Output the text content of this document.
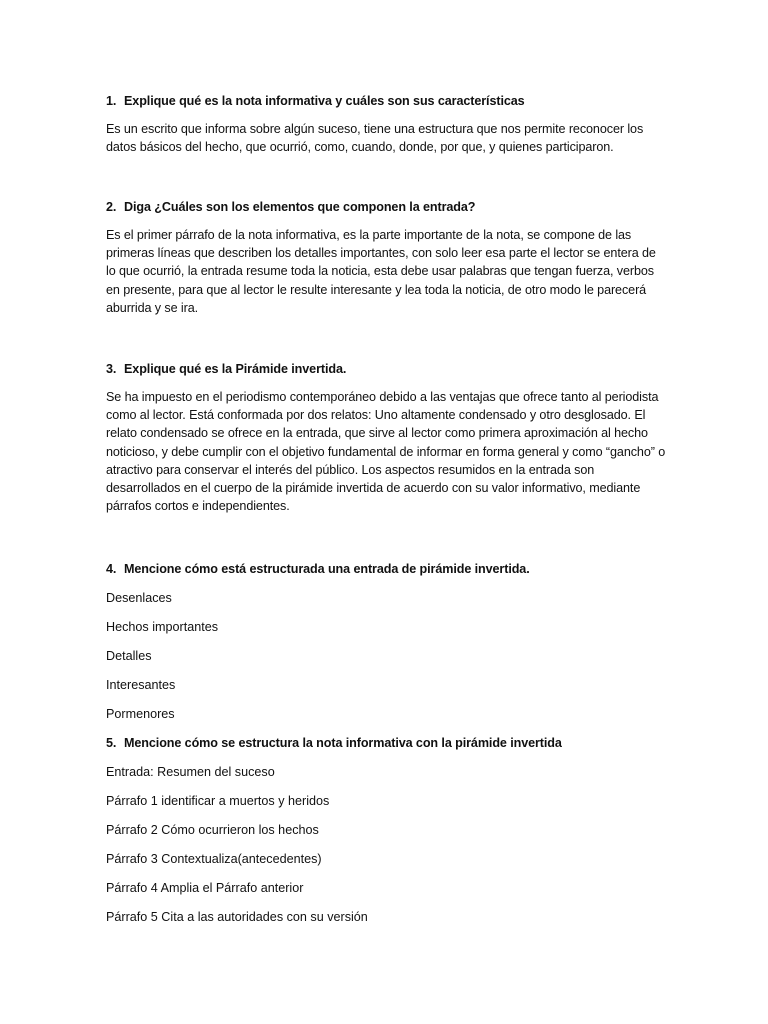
1. Explique qué es la nota informativa y cuáles son sus características

Es un escrito que informa sobre algún suceso, tiene una estructura que nos permite reconocer los datos básicos del hecho, que ocurrió, como, cuando, donde, por que, y quienes participaron.

2. Diga ¿Cuáles son los elementos que componen la entrada?

Es el primer párrafo de la nota informativa, es la parte importante de la nota, se compone de las primeras líneas que describen los detalles importantes, con solo leer esa parte el lector se entera de lo que ocurrió, la entrada resume toda la noticia, esta debe usar palabras que tengan fuerza, verbos en presente, para que al lector le resulte interesante y lea toda la noticia, de otro modo le parecerá aburrida y se ira.

3. Explique qué es la Pirámide invertida.

Se ha impuesto en el periodismo contemporáneo debido a las ventajas que ofrece tanto al periodista como al lector. Está conformada por dos relatos: Uno altamente condensado y otro desglosado. El relato condensado se ofrece en la entrada, que sirve al lector como primera aproximación al hecho noticioso, y debe cumplir con el objetivo fundamental de informar en forma general y como “gancho” o atractivo para conservar el interés del público. Los aspectos resumidos en la entrada son desarrollados en el cuerpo de la pirámide invertida de acuerdo con su valor informativo, mediante párrafos cortos e independientes.

4. Mencione cómo está estructurada una entrada de pirámide invertida.
Desenlaces
Hechos importantes
Detalles
Interesantes
Pormenores
5. Mencione cómo se estructura la nota informativa con la pirámide invertida
Entrada: Resumen del suceso
Párrafo 1 identificar a muertos y heridos
Párrafo 2 Cómo ocurrieron los hechos
Párrafo 3 Contextualiza(antecedentes)
Párrafo 4 Amplia el Párrafo anterior
Párrafo 5 Cita a las autoridades con su versión
